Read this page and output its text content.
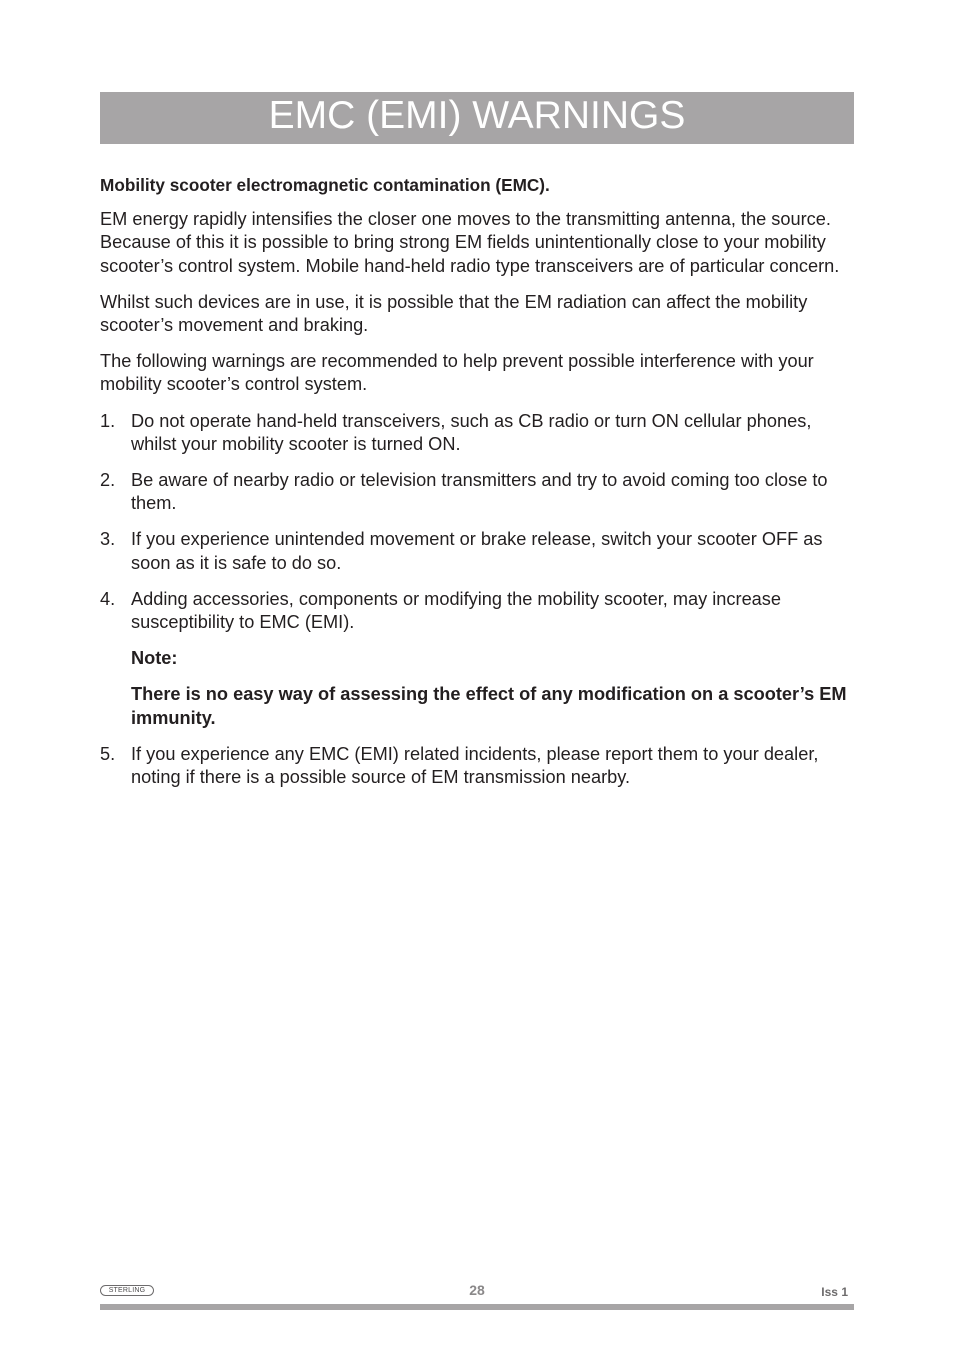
EMC (EMI) WARNINGS
Mobility scooter electromagnetic contamination (EMC).

EM energy rapidly intensifies the closer one moves to the transmitting antenna, the source. Because of this it is possible to bring strong EM fields unintentionally close to your mobility scooter’s control system. Mobile hand-held radio type transceivers are of particular concern.

Whilst such devices are in use, it is possible that the EM radiation can affect the mobility scooter’s movement and braking.

The following warnings are recommended to help prevent possible interference with your mobility scooter’s control system.

1. Do not operate hand-held transceivers, such as CB radio or turn ON cellular phones, whilst your mobility scooter is turned ON.
2. Be aware of nearby radio or television transmitters and try to avoid coming too close to them.
3. If you experience unintended movement or brake release, switch your scooter OFF as soon as it is safe to do so.
4. Adding accessories, components or modifying the mobility scooter, may increase susceptibility to EMC (EMI).
Note:
There is no easy way of assessing the effect of any modification on a scooter’s EM immunity.
5. If you experience any EMC (EMI) related incidents, please report them to your dealer, noting if there is a possible source of EM transmission nearby.
STERLING	28	Iss 1
